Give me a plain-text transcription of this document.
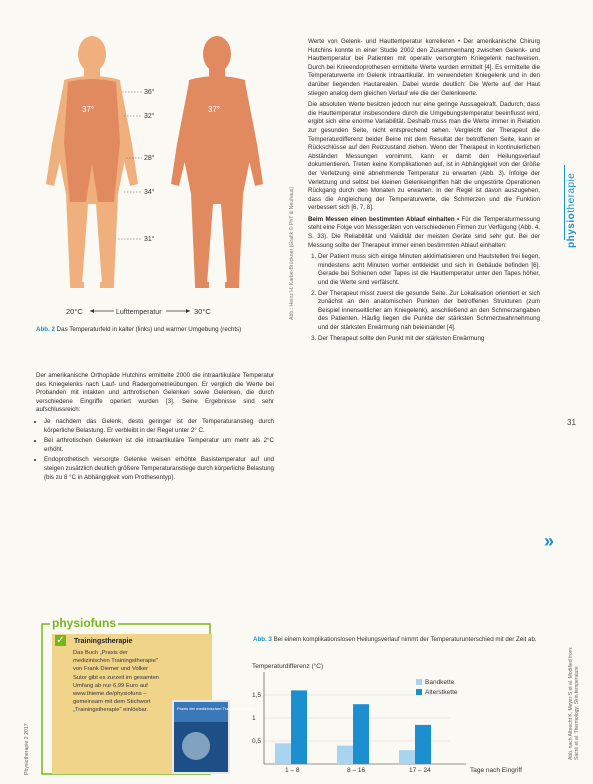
36°
32°
28°
34°
31°
37°	37°
20°C	Lufttemperatur	30°C
Abb. 2 Das Temperaturfeld in kalter (links) und warmer Umgebung (rechts)
Abb.: Heinz H. Karbe-Brückner (Grafik © PhT & Neuhaus)

Der amerikanische Orthopäde Hutchins ermittelte 2000 die intraartikuläre Temperatur des Kniegelenks nach Lauf- und Radergometrieübungen. Er verglich die Werte bei Probanden mit intakten und arthrotischen Gelenken sowie Gelenken, die durch verschiedene Eingriffe operiert wurden [3]. Seine Ergebnisse sind sehr aufschlussreich:

• Je nachdem das Gelenk, desto geringer ist der Temperaturanstieg durch körperliche Belastung. Er verbleibt in der Regel unter 2° C.
• Bei arthrotischen Gelenken ist die intraartikuläre Temperatur um mehr als 2°C erhöht.
• Endoprothetisch versorgte Gelenke weisen erhöhte Basistemperatur auf und steigen zusätzlich deutlich größere Temperaturanstiege durch körperliche Belastung (bis zu 8 °C in Abhängigkeit vom Prothesentyp).

Werte von Gelenk- und Hauttemperatur korrelieren • Der amerikanische Chirurg Hutchins konnte in einer Studie 2002 den Zusammenhang zwischen Gelenk- und Hauttemperatur bei Patienten mit operativ versorgtem Kniegelenk nachweisen. Durch bei Knieendoprothesen ermittelte Werte wurden ermittelt [4]. Es ermittelte die Temperaturwerte im Gelenk intraartikulär. Im verwendeten Kniegelenk und in den darüber liegenden Hautarealen. Dabei wurde deutlich: Die Werte auf der Haut stiegen analog dem gleichen Verlauf wie die der Gelenkwerte.

Die absoluten Werte besitzen jedoch nur eine geringe Aussagekraft. Dadurch, dass die Hauttemperatur insbesondere durch die Umgebungstemperatur beeinflusst wird, ergibt sich eine enorme Variabilität. Deshalb muss man die Werte immer in Relation zur gesunden Seite, nicht entsprechend sehen. Vergleicht der Therapeut die Temperaturdifferenz beider Beine mit dem Resultat der betroffenen Seite, kann er Rückschlüsse auf den Reizzustand ziehen. Wenn der Therapeut in kontinuierlichen Abständen Messungen vornimmt, kann er damit den Heilungsverlauf dokumentieren. Treten keine Komplikationen auf, ist in Abhängigkeit von der Größe der Verletzung eine abnehmende Temperatur zu erwarten (Abb. 3). Infolge der Verletzung und selbst bei kleinen Gelenkeingriffen hält die ungestörte Operationen Rückgang durch den Monaten zu erwarten. In der Regel ist davon auszugehen, dass die Angleichung der Temperaturwerte, die Schmerzen und die Funktion verbessert sich [6, 7, 8].

Beim Messen einen bestimmten Ablauf einhalten • Für die Temperaturmessung steht eine Folge von Messgeräten von verschiedenen Firmen zur Verfügung (Abb. 4, S. 33). Die Reliabilität und Validität der meisten Geräte sind sehr gut. Bei der Messung sollte der Therapeut immer einen bestimmten Ablauf einhalten:

1. Der Patient muss sich einige Minuten akklimatisieren und Hautstellen frei liegen, mindestens acht Minuten vorher entkleidet und sich in Gebäude befinden [6]. Gerade bei Schienen oder Tapes ist die Hauttemperatur unter den Tapes höher, und die Werte sind verfälscht.
2. Der Therapeut misst zuerst die gesunde Seite. Zur Lokalisation orientiert er sich zunächst an den anatomischen Punkten der betroffenen Strukturen (zum Beispiel innenseitlicher am Kniegelenk), anschließend an den Schmerzangaben des Patienten. Häufig liegen die Punkte der stärksten Schmerzwahrnehmung und der stärksten Erwärmung nah beieinander [4].
3. Der Therapeut sollte den Punkt mit der stärksten Erwärmung
physiotherapie
31
»
physiofuns
✓ Trainingstherapie
Das Buch „Praxis der medizinischen Trainingstherapie" von Frank Diemer und Volker Sutor gibt es zurzeit im gesamten Umfang ab nur 6,99 Euro auf www.thieme.de/physiofuns – gemeinsam mit dem Stichwort „Trainingstherapie" einlösbar.	Praxis der medizinischen Trainingstherapie
Physiotherapie 2 2017	Abb. nach Albrecht K, Meyer S et al. Modified from: Sacré et al. Thermology; Skin temperature
Abb. 3 Bei einem komplikationslosen Heilungsverlauf nimmt der Temperaturunterschied mit der Zeit ab.
Temperaturdifferenz (°C)
0,5
1
1,5
1 – 8	8 – 16	17 – 24	Tage nach Eingriff
Bandkette
Alterstkette
